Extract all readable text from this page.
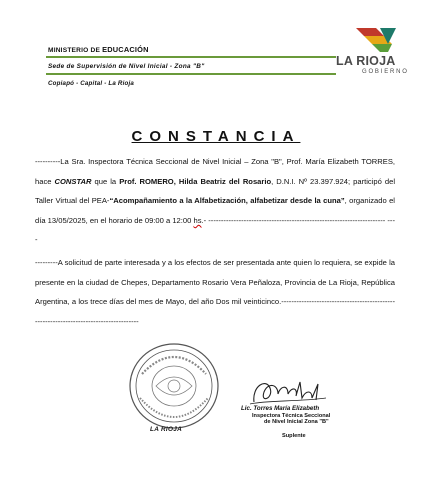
MINISTERIO DE EDUCACIÓN
Sede de Supervisión de Nivel Inicial - Zona "B"
Copiapó - Capital - La Rioja
LA RIOJA
GOBIERNO
CONSTANCIA
----------La Sra. Inspectora Técnica Seccional de Nivel Inicial – Zona "B", Prof. María Elizabeth TORRES, hace CONSTAR que la Prof. ROMERO, Hilda Beatriz del Rosario, D.N.I. Nº 23.397.924; participó del Taller Virtual del PEA-“Acompañamiento a la Alfabetización, alfabetizar desde la cuna”, organizado el día 13/05/2025, en el horario de 09:00 a 12:00 hs.- ---------------------------------------------------------------------- ----
---------A solicitud de parte interesada y a los efectos de ser presentada ante quien lo requiera, se expide la presente en la ciudad de Chepes, Departamento Rosario Vera Peñaloza, Provincia de La Rioja, República Argentina, a los trece días del mes de Mayo, del año Dos mil veinticinco.--------------------------------------------------------------------------------------
LA RIOJA
Lic. Torres María Elizabeth
Inspectora Técnica Seccional
de Nivel Inicial Zona "B"
Suplente
